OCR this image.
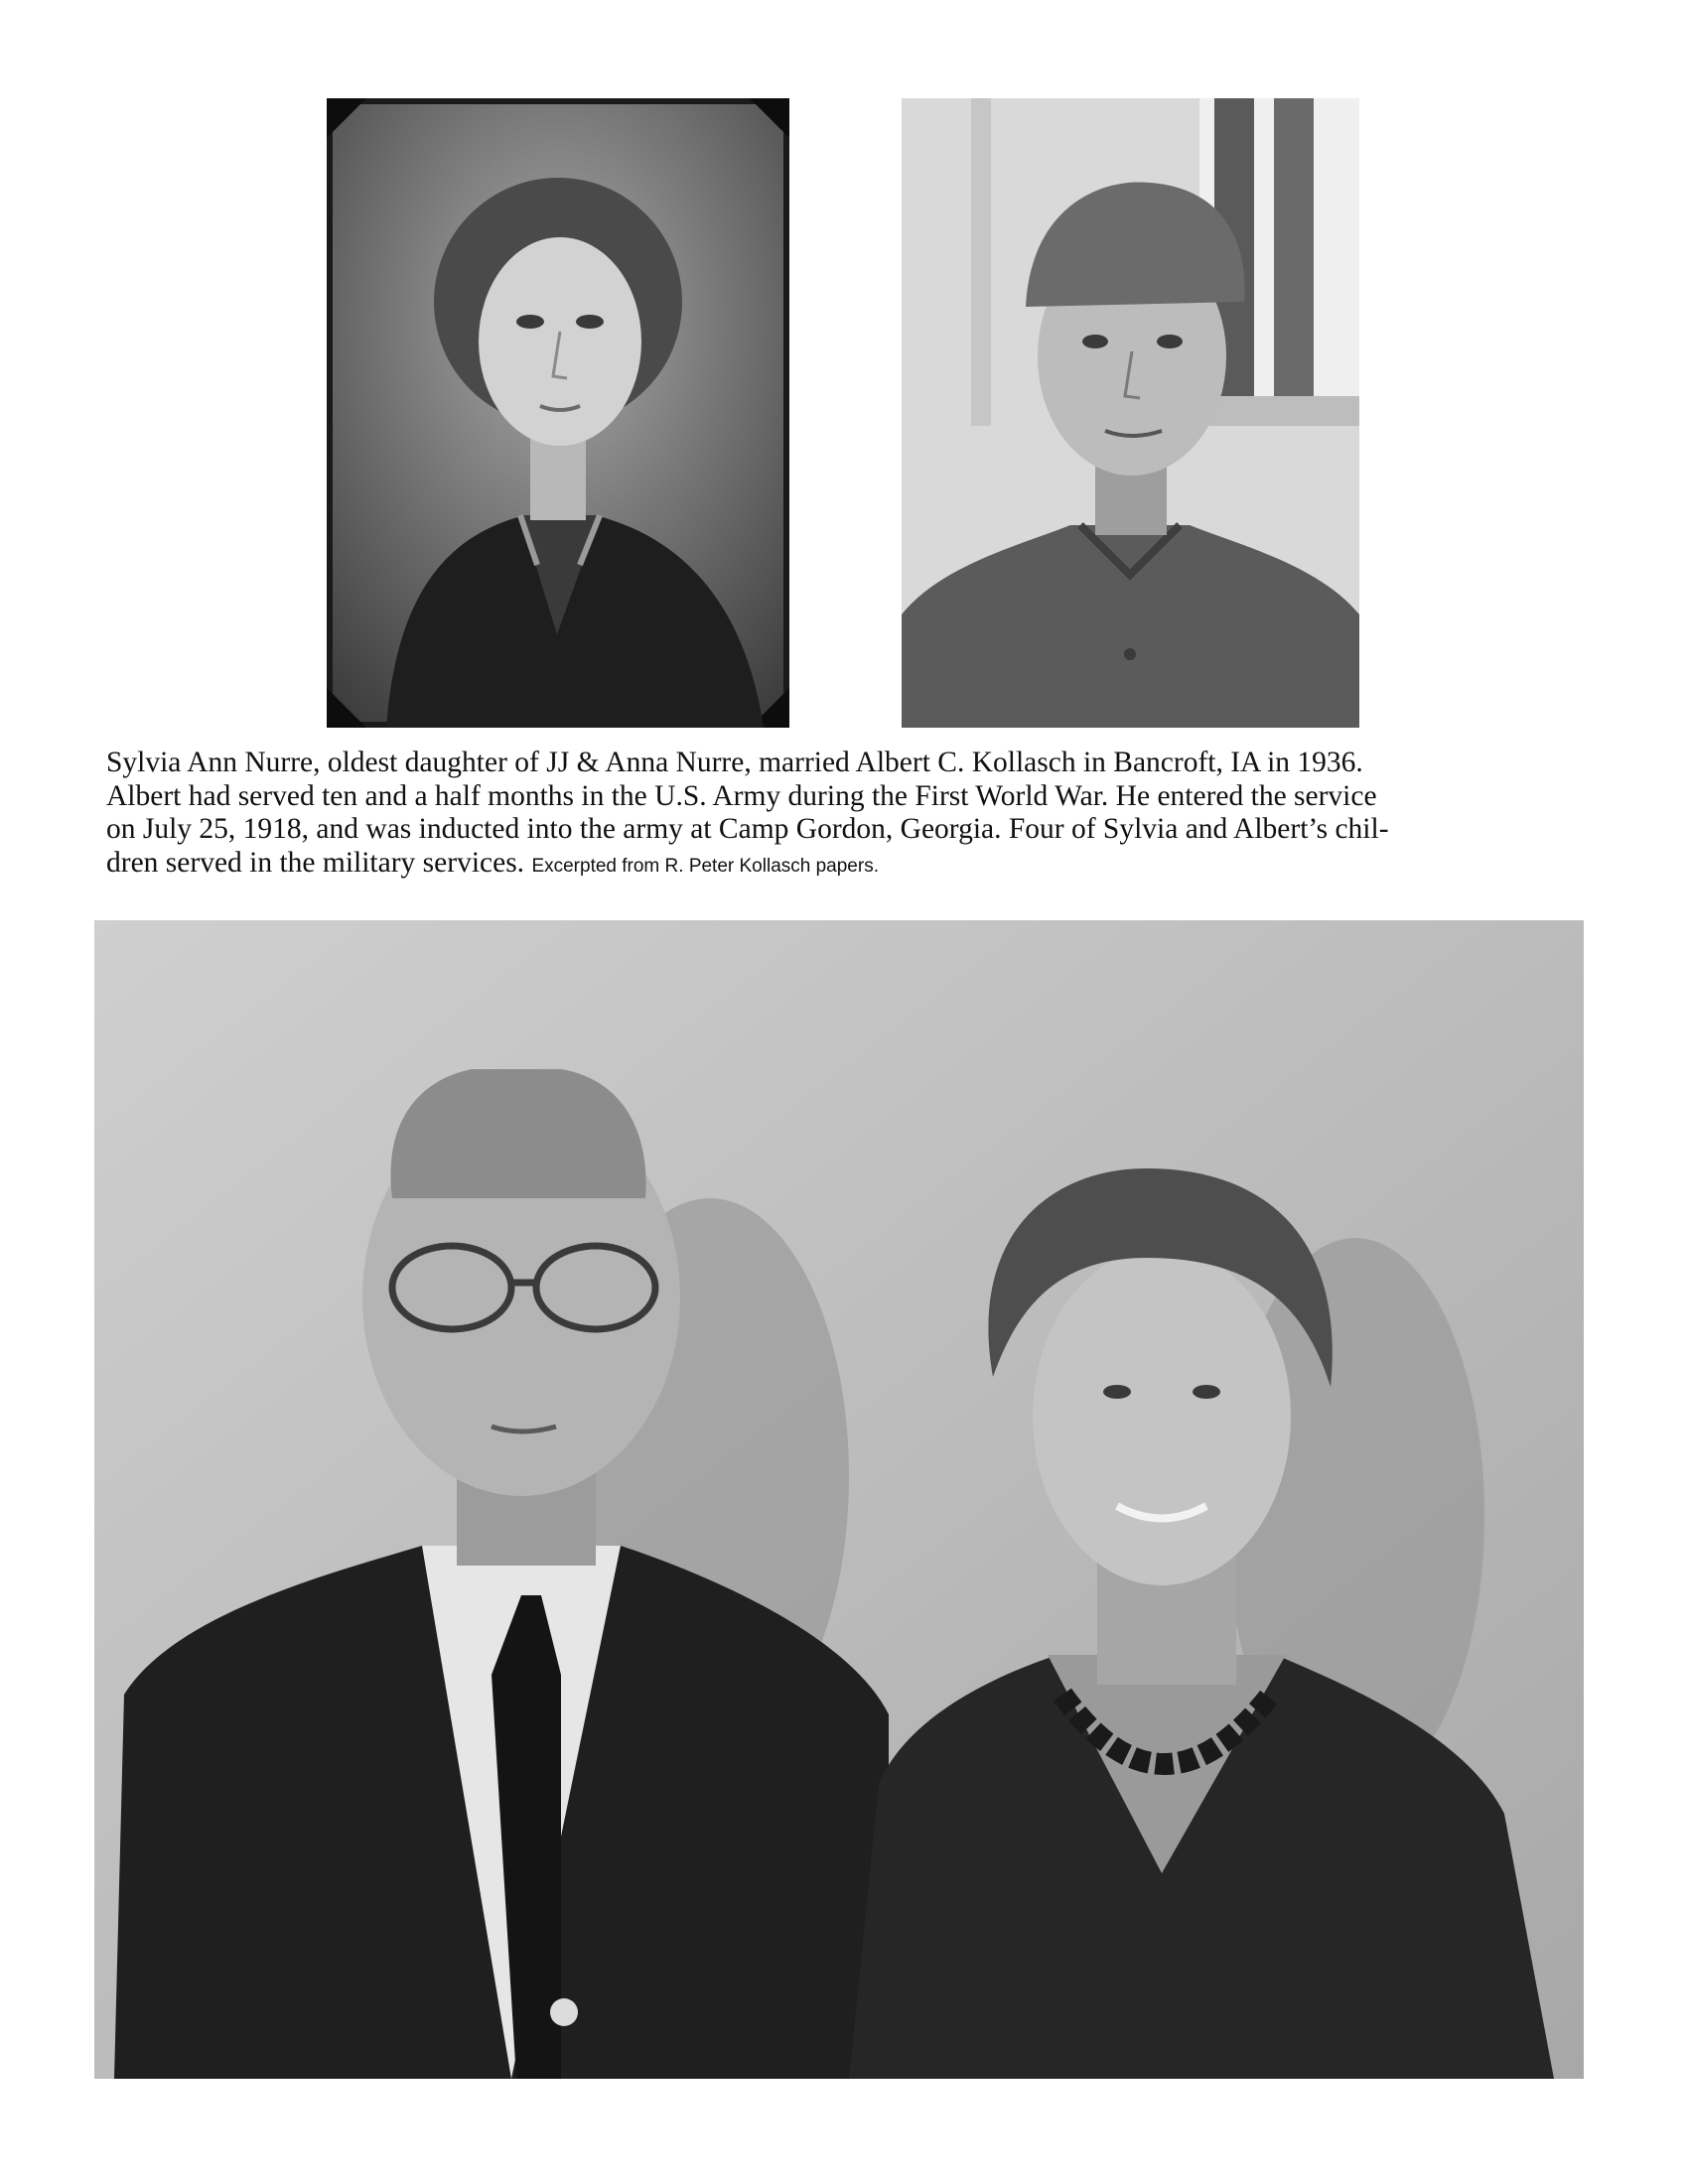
Sylvia Ann Nurre, oldest daughter of JJ & Anna Nurre, married Albert C. Kollasch in Bancroft, IA in 1936.
Albert had served ten and a half months in the U.S. Army during the First World War. He entered the service
on July 25, 1918, and was inducted into the army at Camp Gordon, Georgia. Four of Sylvia and Albert’s chil-
dren served in the military services. Excerpted from R. Peter Kollasch papers.
